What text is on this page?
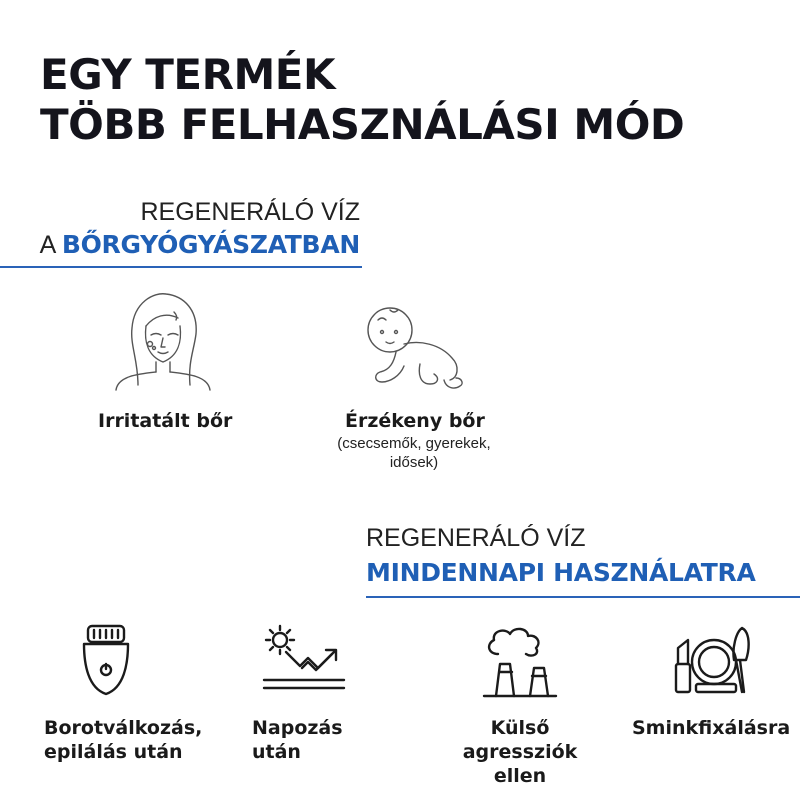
EGY TERMÉK
TÖBB FELHASZNÁLÁSI MÓD
REGENERÁLÓ VÍZ
A BŐRGYÓGYÁSZATBAN
Irritatált bőr	Érzékeny bőr
(csecsemők, gyerekek,
idősek)
REGENERÁLÓ VÍZ
MINDENNAPI HASZNÁLATRA
Borotválkozás,
epilálás után
Napozás
után
Külső
agressziók
ellen
Sminkfixálásra
